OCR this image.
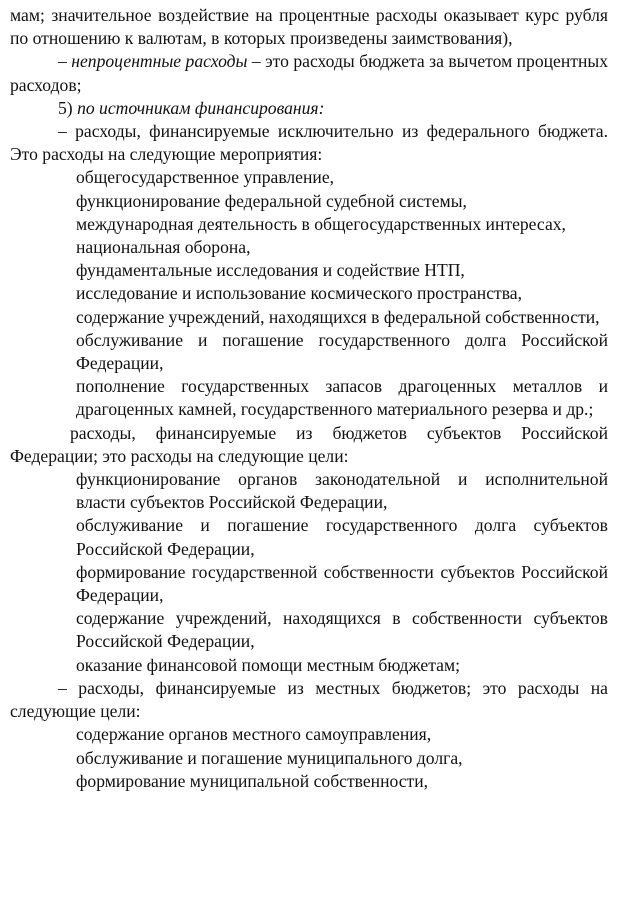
мам; значительное воздействие на процентные расходы оказывает курс рубля по отношению к валютам, в которых произведены заимствования),

– непроцентные расходы – это расходы бюджета за вычетом процентных расходов;

5) по источникам финансирования:

– расходы, финансируемые исключительно из федерального бюджета. Это расходы на следующие мероприятия:

общегосударственное управление,

функционирование федеральной судебной системы,

международная деятельность в общегосударственных интересах,

национальная оборона,

фундаментальные исследования и содействие НТП,

исследование и использование космического пространства,

содержание учреждений, находящихся в федеральной собственности,

обслуживание и погашение государственного долга Российской Федерации,

пополнение государственных запасов драгоценных металлов и драгоценных камней, государственного материального резерва и др.;

расходы, финансируемые из бюджетов субъектов Российской Федерации; это расходы на следующие цели:

функционирование органов законодательной и исполнительной власти субъектов Российской Федерации,

обслуживание и погашение государственного долга субъектов Российской Федерации,

формирование государственной собственности субъектов Российской Федерации,

содержание учреждений, находящихся в собственности субъектов Российской Федерации,

оказание финансовой помощи местным бюджетам;

– расходы, финансируемые из местных бюджетов; это расходы на следующие цели:

содержание органов местного самоуправления,

обслуживание и погашение муниципального долга,

формирование муниципальной собственности,
